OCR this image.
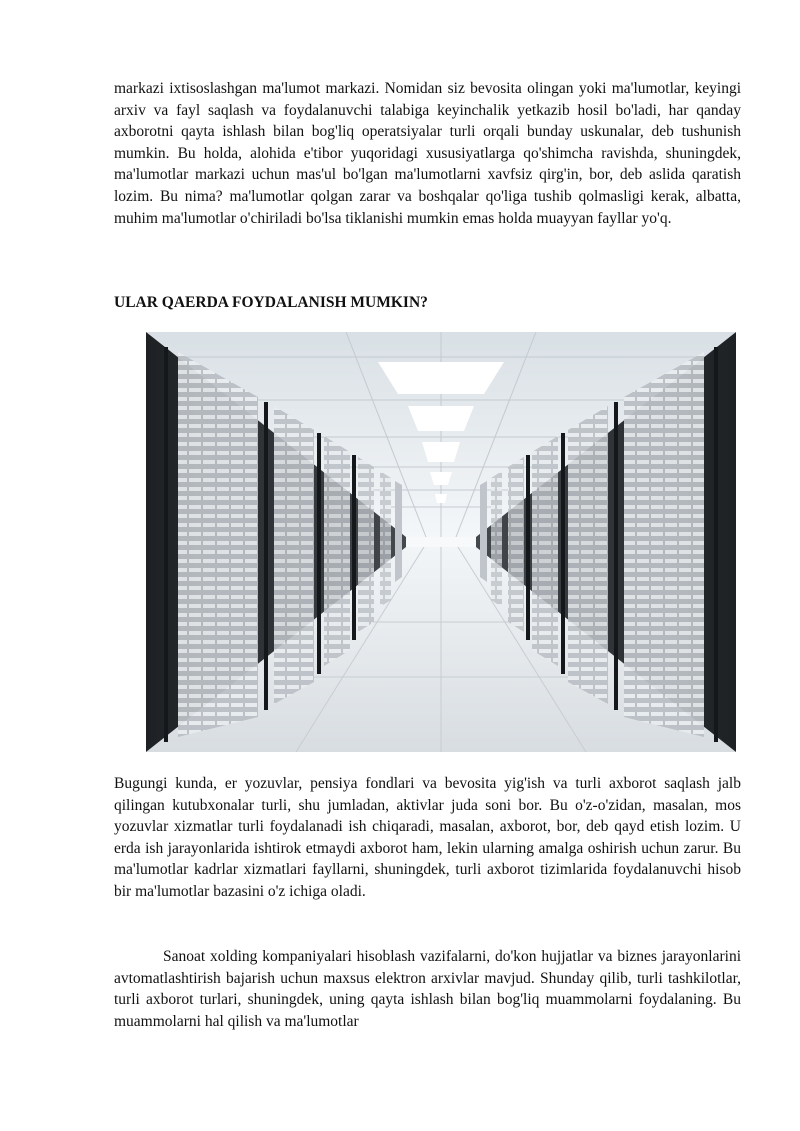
markazi ixtisoslashgan ma'lumot markazi. Nomidan siz bevosita olingan yoki ma'lumotlar, keyingi arxiv va fayl saqlash va foydalanuvchi talabiga keyinchalik yetkazib hosil bo'ladi, har qanday axborotni qayta ishlash bilan bog'liq operatsiyalar turli orqali bunday uskunalar, deb tushunish mumkin. Bu holda, alohida e'tibor yuqoridagi xususiyatlarga qo'shimcha ravishda, shuningdek, ma'lumotlar markazi uchun mas'ul bo'lgan ma'lumotlarni xavfsiz qirg'in, bor, deb aslida qaratish lozim. Bu nima? ma'lumotlar qolgan zarar va boshqalar qo'liga tushib qolmasligi kerak, albatta, muhim ma'lumotlar o'chiriladi bo'lsa tiklanishi mumkin emas holda muayyan fayllar yo'q.

ULAR QAERDA FOYDALANISH MUMKIN?

Bugungi kunda, er yozuvlar, pensiya fondlari va bevosita yig'ish va turli axborot saqlash jalb qilingan kutubxonalar turli, shu jumladan, aktivlar juda soni bor. Bu o'z-o'zidan, masalan, mos yozuvlar xizmatlar turli foydalanadi ish chiqaradi, masalan, axborot, bor, deb qayd etish lozim. U erda ish jarayonlarida ishtirok etmaydi axborot ham, lekin ularning amalga oshirish uchun zarur. Bu ma'lumotlar kadrlar xizmatlari fayllarni, shuningdek, turli axborot tizimlarida foydalanuvchi hisob bir ma'lumotlar bazasini o'z ichiga oladi.

Sanoat xolding kompaniyalari hisoblash vazifalarni, do'kon hujjatlar va biznes jarayonlarini avtomatlashtirish bajarish uchun maxsus elektron arxivlar mavjud. Shunday qilib, turli tashkilotlar, turli axborot turlari, shuningdek, uning qayta ishlash bilan bog'liq muammolarni foydalaning. Bu muammolarni hal qilish va ma'lumotlar
